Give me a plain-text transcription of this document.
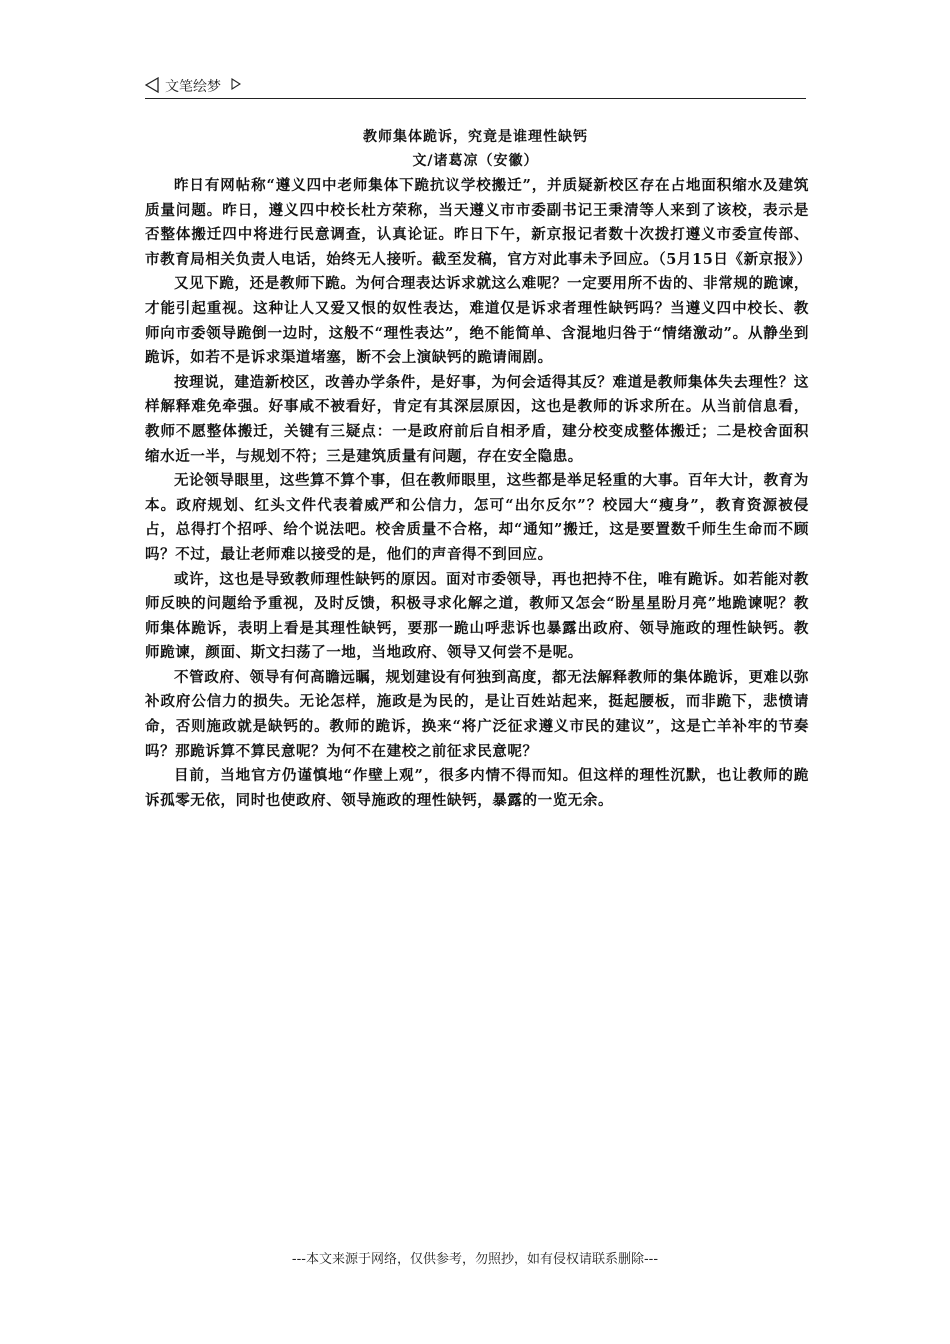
文笔绘梦
教师集体跪诉，究竟是谁理性缺钙
文/诸葛凉（安徽）

昨日有网帖称“遵义四中老师集体下跪抗议学校搬迁”，并质疑新校区存在占地面积缩水及建筑质量问题。昨日，遵义四中校长杜方荣称，当天遵义市市委副书记王秉清等人来到了该校，表示是否整体搬迁四中将进行民意调查，认真论证。昨日下午，新京报记者数十次拨打遵义市委宣传部、市教育局相关负责人电话，始终无人接听。截至发稿，官方对此事未予回应。（5月15日《新京报》）

又见下跪，还是教师下跪。为何合理表达诉求就这么难呢？一定要用所不齿的、非常规的跪谏，才能引起重视。这种让人又爱又恨的奴性表达，难道仅是诉求者理性缺钙吗？当遵义四中校长、教师向市委领导跪倒一边时，这般不“理性表达”，绝不能简单、含混地归咎于“情绪激动”。从静坐到跪诉，如若不是诉求渠道堵塞，断不会上演缺钙的跪请闹剧。

按理说，建造新校区，改善办学条件，是好事，为何会适得其反？难道是教师集体失去理性？这样解释难免牵强。好事咸不被看好，肯定有其深层原因，这也是教师的诉求所在。从当前信息看，教师不愿整体搬迁，关键有三疑点：一是政府前后自相矛盾，建分校变成整体搬迁；二是校舍面积缩水近一半，与规划不符；三是建筑质量有问题，存在安全隐患。

无论领导眼里，这些算不算个事，但在教师眼里，这些都是举足轻重的大事。百年大计，教育为本。政府规划、红头文件代表着威严和公信力，怎可“出尔反尔”？校园大“瘦身”，教育资源被侵占，总得打个招呼、给个说法吧。校舍质量不合格，却“通知”搬迁，这是要置数千师生生命而不顾吗？不过，最让老师难以接受的是，他们的声音得不到回应。

或许，这也是导致教师理性缺钙的原因。面对市委领导，再也把持不住，唯有跪诉。如若能对教师反映的问题给予重视，及时反馈，积极寻求化解之道，教师又怎会“盼星星盼月亮”地跪谏呢？教师集体跪诉，表明上看是其理性缺钙，要那一跪山呼悲诉也暴露出政府、领导施政的理性缺钙。教师跪谏，颜面、斯文扫荡了一地，当地政府、领导又何尝不是呢。

不管政府、领导有何高瞻远瞩，规划建设有何独到高度，都无法解释教师的集体跪诉，更难以弥补政府公信力的损失。无论怎样，施政是为民的，是让百姓站起来，挺起腰板，而非跪下，悲愤请命，否则施政就是缺钙的。教师的跪诉，换来“将广泛征求遵义市民的建议”，这是亡羊补牢的节奏吗？那跪诉算不算民意呢？为何不在建校之前征求民意呢？

目前，当地官方仍谨慎地“作壁上观”，很多内情不得而知。但这样的理性沉默，也让教师的跪诉孤零无依，同时也使政府、领导施政的理性缺钙，暴露的一览无余。

---本文来源于网络，仅供参考，勿照抄，如有侵权请联系删除---
